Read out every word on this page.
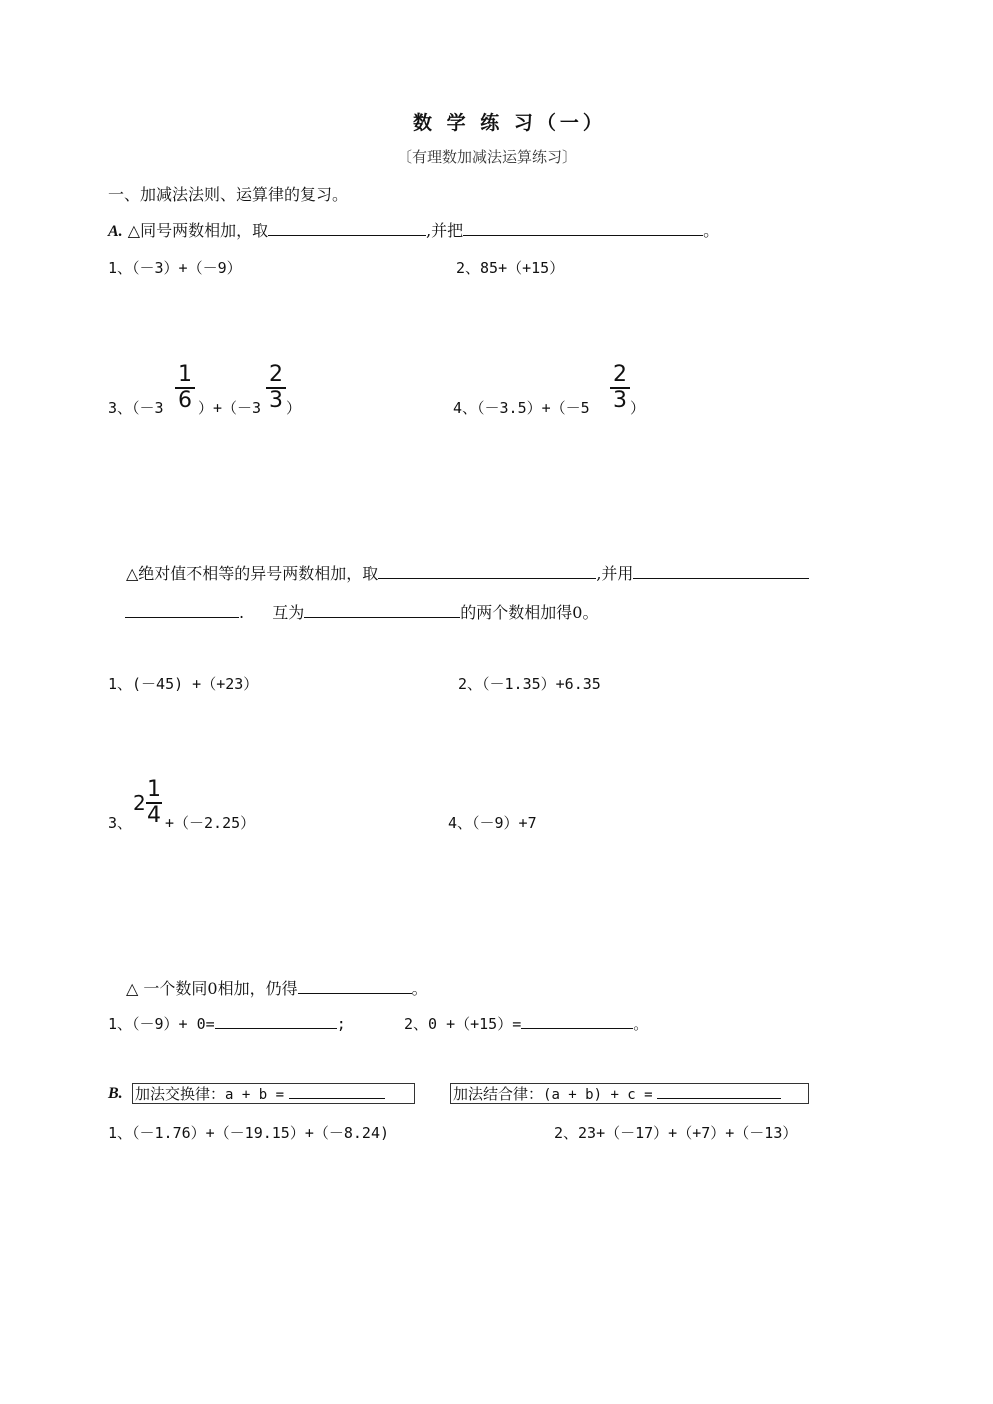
数 学 练 习（一）
〔有理数加减法运算练习〕
一、加减法法则、运算律的复习。
A. △同号两数相加，取	,并把	。
1、（－3）+（－9）	2、85+（+15）
3、（－3
1
6 ）+（－3
2
3 ）	4、（－3.5）+（－5
2
3 ）
△绝对值不相等的异号两数相加，取	,并用
. 互为	的两个数相加得0。
1、(－45) +（+23）	2、（－1.35）+6.35
3、
2
1
4 +（－2.25）	4、（－9）+7
△ 一个数同0相加，仍得	。
1、（－9）+ 0=	;	2、0 +（+15）=	。
B. 加法交换律：a + b =	加法结合律：(a + b) + c =
1、（－1.76）+（－19.15）+（－8.24)	2、23+（－17）+（+7）+（－13）
